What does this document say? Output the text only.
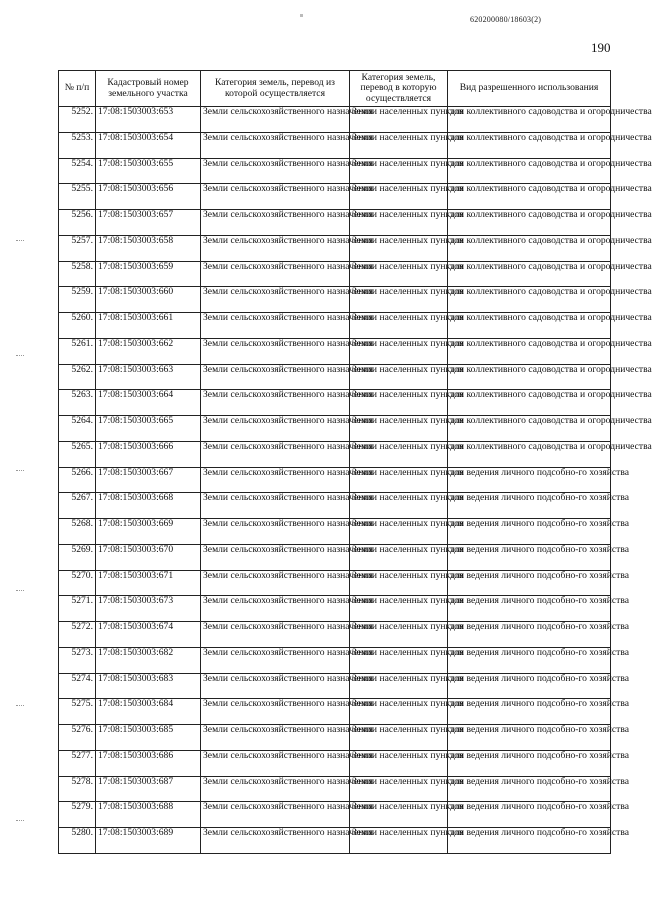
620200080/18603(2)
190
№ п/п	Кадастровый номер земельного участка	Категория земель, перевод из которой осуществляется	Категория земель, перевод в которую осуществляется	Вид разрешенного использования
5252.	17:08:1503003:653	Земли сельскохозяйственного назначения	Земли населенных пунктов	для коллективного садоводства и огородничества
5253.	17:08:1503003:654	Земли сельскохозяйственного назначения	Земли населенных пунктов	для коллективного садоводства и огородничества
5254.	17:08:1503003:655	Земли сельскохозяйственного назначения	Земли населенных пунктов	для коллективного садоводства и огородничества
5255.	17:08:1503003:656	Земли сельскохозяйственного назначения	Земли населенных пунктов	для коллективного садоводства и огородничества
5256.	17:08:1503003:657	Земли сельскохозяйственного назначения	Земли населенных пунктов	для коллективного садоводства и огородничества
5257.	17:08:1503003:658	Земли сельскохозяйственного назначения	Земли населенных пунктов	для коллективного садоводства и огородничества
5258.	17:08:1503003:659	Земли сельскохозяйственного назначения	Земли населенных пунктов	для коллективного садоводства и огородничества
5259.	17:08:1503003:660	Земли сельскохозяйственного назначения	Земли населенных пунктов	для коллективного садоводства и огородничества
5260.	17:08:1503003:661	Земли сельскохозяйственного назначения	Земли населенных пунктов	для коллективного садоводства и огородничества
5261.	17:08:1503003:662	Земли сельскохозяйственного назначения	Земли населенных пунктов	для коллективного садоводства и огородничества
5262.	17:08:1503003:663	Земли сельскохозяйственного назначения	Земли населенных пунктов	для коллективного садоводства и огородничества
5263.	17:08:1503003:664	Земли сельскохозяйственного назначения	Земли населенных пунктов	для коллективного садоводства и огородничества
5264.	17:08:1503003:665	Земли сельскохозяйственного назначения	Земли населенных пунктов	для коллективного садоводства и огородничества
5265.	17:08:1503003:666	Земли сельскохозяйственного назначения	Земли населенных пунктов	для коллективного садоводства и огородничества
5266.	17:08:1503003:667	Земли сельскохозяйственного назначения	Земли населенных пунктов	для ведения личного подсобно-го хозяйства
5267.	17:08:1503003:668	Земли сельскохозяйственного назначения	Земли населенных пунктов	для ведения личного подсобно-го хозяйства
5268.	17:08:1503003:669	Земли сельскохозяйственного назначения	Земли населенных пунктов	для ведения личного подсобно-го хозяйства
5269.	17:08:1503003:670	Земли сельскохозяйственного назначения	Земли населенных пунктов	для ведения личного подсобно-го хозяйства
5270.	17:08:1503003:671	Земли сельскохозяйственного назначения	Земли населенных пунктов	для ведения личного подсобно-го хозяйства
5271.	17:08:1503003:673	Земли сельскохозяйственного назначения	Земли населенных пунктов	для ведения личного подсобно-го хозяйства
5272.	17:08:1503003:674	Земли сельскохозяйственного назначения	Земли населенных пунктов	для ведения личного подсобно-го хозяйства
5273.	17:08:1503003:682	Земли сельскохозяйственного назначения	Земли населенных пунктов	для ведения личного подсобно-го хозяйства
5274.	17:08:1503003:683	Земли сельскохозяйственного назначения	Земли населенных пунктов	для ведения личного подсобно-го хозяйства
5275.	17:08:1503003:684	Земли сельскохозяйственного назначения	Земли населенных пунктов	для ведения личного подсобно-го хозяйства
5276.	17:08:1503003:685	Земли сельскохозяйственного назначения	Земли населенных пунктов	для ведения личного подсобно-го хозяйства
5277.	17:08:1503003:686	Земли сельскохозяйственного назначения	Земли населенных пунктов	для ведения личного подсобно-го хозяйства
5278.	17:08:1503003:687	Земли сельскохозяйственного назначения	Земли населенных пунктов	для ведения личного подсобно-го хозяйства
5279.	17:08:1503003:688	Земли сельскохозяйственного назначения	Земли населенных пунктов	для ведения личного подсобно-го хозяйства
5280.	17:08:1503003:689	Земли сельскохозяйственного назначения	Земли населенных пунктов	для ведения личного подсобно-го хозяйства
